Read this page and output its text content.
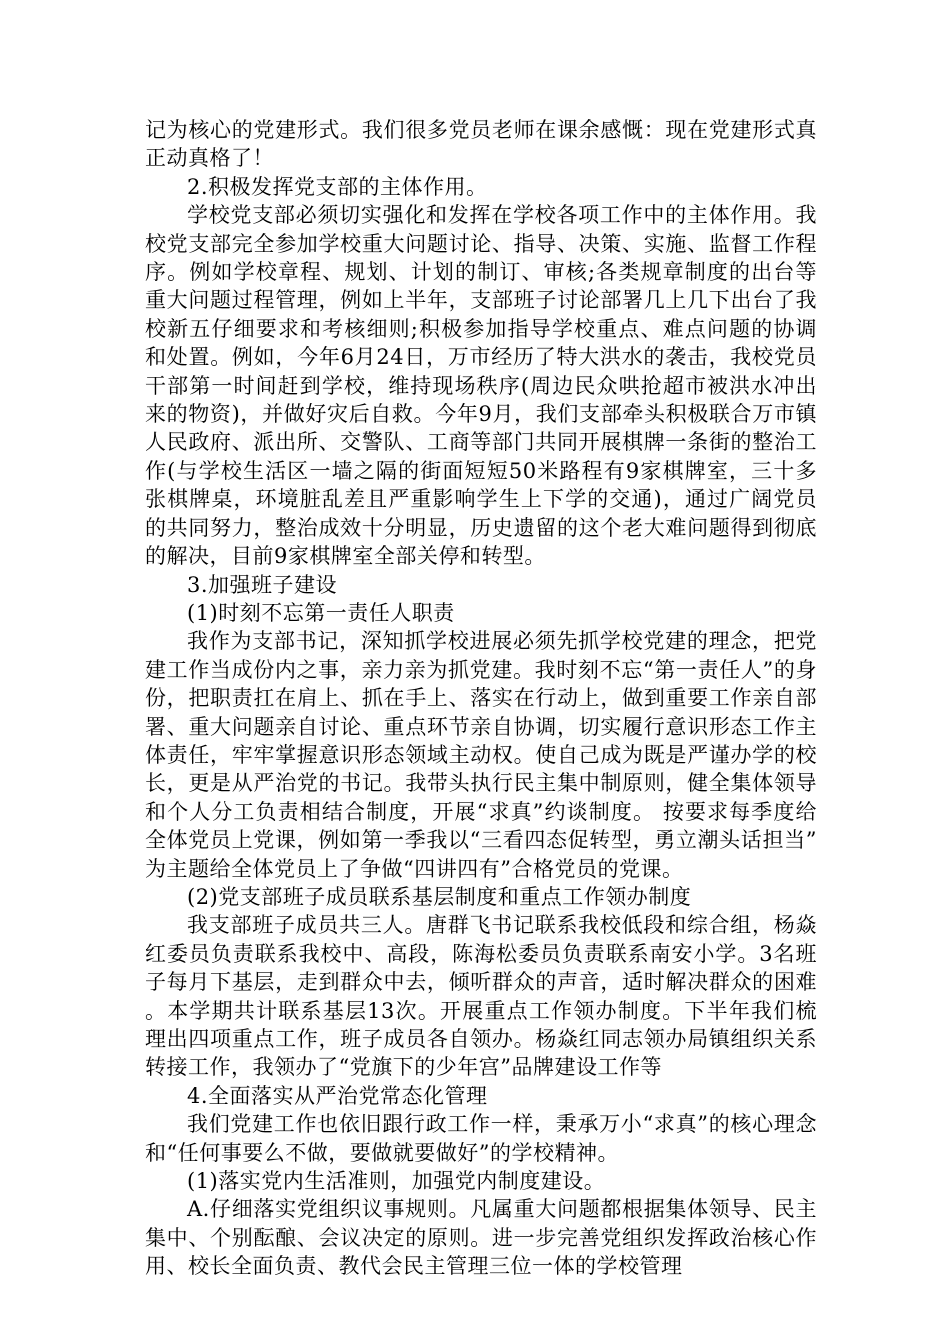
记为核心的党建形式。我们很多党员老师在课余感慨：现在党建形式真正动真格了！

2.积极发挥党支部的主体作用。

学校党支部必须切实强化和发挥在学校各项工作中的主体作用。我校党支部完全参加学校重大问题讨论、指导、决策、实施、监督工作程序。例如学校章程、规划、计划的制订、审核;各类规章制度的出台等重大问题过程管理，例如上半年，支部班子讨论部署几上几下出台了我校新五仔细要求和考核细则;积极参加指导学校重点、难点问题的协调和处置。例如，今年6月24日，万市经历了特大洪水的袭击，我校党员干部第一时间赶到学校，维持现场秩序(周边民众哄抢超市被洪水冲出来的物资)，并做好灾后自救。今年9月，我们支部牵头积极联合万市镇人民政府、派出所、交警队、工商等部门共同开展棋牌一条街的整治工作(与学校生活区一墙之隔的街面短短50米路程有9家棋牌室，三十多张棋牌桌，环境脏乱差且严重影响学生上下学的交通)，通过广阔党员的共同努力，整治成效十分明显，历史遗留的这个老大难问题得到彻底的解决，目前9家棋牌室全部关停和转型。

3.加强班子建设

(1)时刻不忘第一责任人职责

我作为支部书记，深知抓学校进展必须先抓学校党建的理念，把党建工作当成份内之事，亲力亲为抓党建。我时刻不忘“第一责任人”的身份，把职责扛在肩上、抓在手上、落实在行动上，做到重要工作亲自部署、重大问题亲自讨论、重点环节亲自协调，切实履行意识形态工作主体责任，牢牢掌握意识形态领域主动权。使自己成为既是严谨办学的校长，更是从严治党的书记。我带头执行民主集中制原则，健全集体领导和个人分工负责相结合制度，开展“求真”约谈制度。 按要求每季度给全体党员上党课，例如第一季我以“三看四态促转型，勇立潮头话担当”为主题给全体党员上了争做“四讲四有”合格党员的党课。

(2)党支部班子成员联系基层制度和重点工作领办制度

我支部班子成员共三人。唐群飞书记联系我校低段和综合组，杨焱红委员负责联系我校中、高段，陈海松委员负责联系南安小学。3名班子每月下基层，走到群众中去，倾听群众的声音，适时解决群众的困难。本学期共计联系基层13次。开展重点工作领办制度。下半年我们梳理出四项重点工作，班子成员各自领办。杨焱红同志领办局镇组织关系转接工作，我领办了“党旗下的少年宫”品牌建设工作等

4.全面落实从严治党常态化管理

我们党建工作也依旧跟行政工作一样，秉承万小“求真”的核心理念和“任何事要么不做，要做就要做好”的学校精神。

(1)落实党内生活准则，加强党内制度建设。

A.仔细落实党组织议事规则。凡属重大问题都根据集体领导、民主集中、个别酝酿、会议决定的原则。进一步完善党组织发挥政治核心作用、校长全面负责、教代会民主管理三位一体的学校管理
